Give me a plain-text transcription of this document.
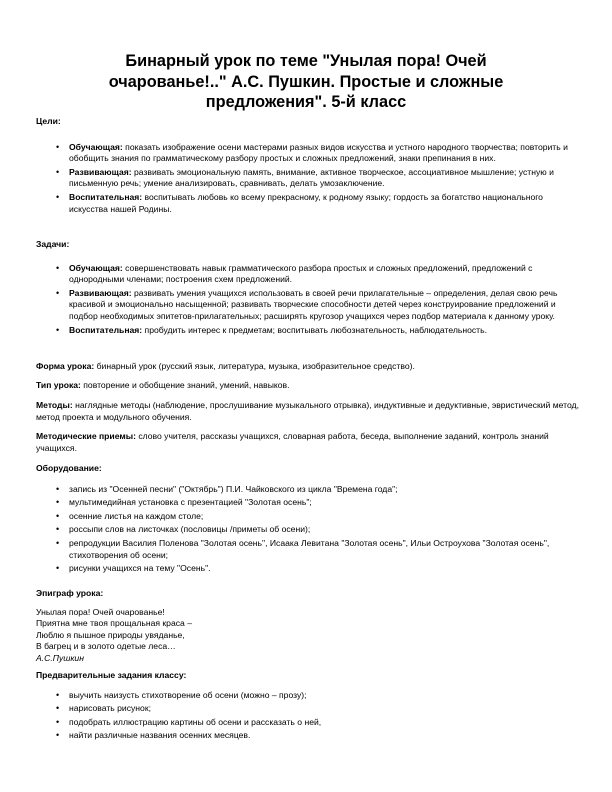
Бинарный урок по теме "Унылая пора! Очей
очарованье!.." А.С. Пушкин. Простые и сложные
предложения". 5-й класс
Цели:
• Обучающая: показать изображение осени мастерами разных видов искусства и устного народного творчества; повторить и обобщить знания по грамматическому разбору простых и сложных предложений, знаки препинания в них.
• Развивающая: развивать эмоциональную память, внимание, активное творческое, ассоциативное мышление; устную и письменную речь; умение анализировать, сравнивать, делать умозаключение.
• Воспитательная: воспитывать любовь ко всему прекрасному, к родному языку; гордость за богатство национального искусства нашей Родины.
Задачи:
• Обучающая: совершенствовать навык грамматического разбора простых и сложных предложений, предложений с однородными членами; построения схем предложений.
• Развивающая: развивать умения учащихся использовать в своей речи прилагательные – определения, делая свою речь красивой и эмоционально насыщенной; развивать творческие способности детей через конструирование предложений и подбор необходимых эпитетов-прилагательных; расширять кругозор учащихся через подбор материала к данному уроку.
• Воспитательная: пробудить интерес к предметам; воспитывать любознательность, наблюдательность.
Форма урока: бинарный урок (русский язык, литература, музыка, изобразительное средство).
Тип урока: повторение и обобщение знаний, умений, навыков.
Методы: наглядные методы (наблюдение, прослушивание музыкального отрывка), индуктивные и дедуктивные, эвристический метод, метод проекта и модульного обучения.
Методические приемы: слово учителя, рассказы учащихся, словарная работа, беседа, выполнение заданий, контроль знаний учащихся.
Оборудование:
• запись из "Осенней песни" ("Октябрь") П.И. Чайковского из цикла "Времена года";
• мультимедийная установка с презентацией "Золотая осень";
• осенние листья на каждом столе;
• россыпи слов на листочках (пословицы /приметы об осени);
• репродукции Василия Поленова "Золотая осень", Исаака Левитана "Золотая осень", Ильи Остроухова "Золотая осень", стихотворения об осени;
• рисунки учащихся на тему "Осень".
Эпиграф урока:
Унылая пора! Очей очарованье!
Приятна мне твоя прощальная краса –
Люблю я пышное природы увяданье,
В багрец и в золото одетые леса…
А.С.Пушкин
Предварительные задания классу:
• выучить наизусть стихотворение об осени (можно – прозу);
• нарисовать рисунок;
• подобрать иллюстрацию картины об осени и рассказать о ней,
• найти различные названия осенних месяцев.
